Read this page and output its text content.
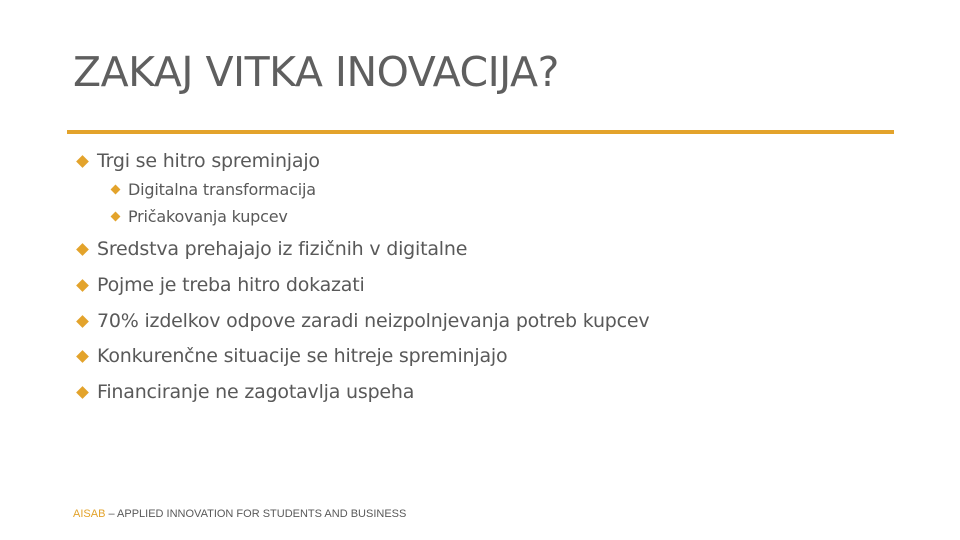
ZAKAJ VITKA INOVACIJA?
Trgi se hitro spreminjajo
Digitalna transformacija
Pričakovanja kupcev
Sredstva prehajajo iz fizičnih v digitalne
Pojme je treba hitro dokazati
70% izdelkov odpove zaradi neizpolnjevanja potreb kupcev
Konkurenčne situacije se hitreje spreminjajo
Financiranje ne zagotavlja uspeha
AISAB – APPLIED INNOVATION FOR STUDENTS AND BUSINESS
